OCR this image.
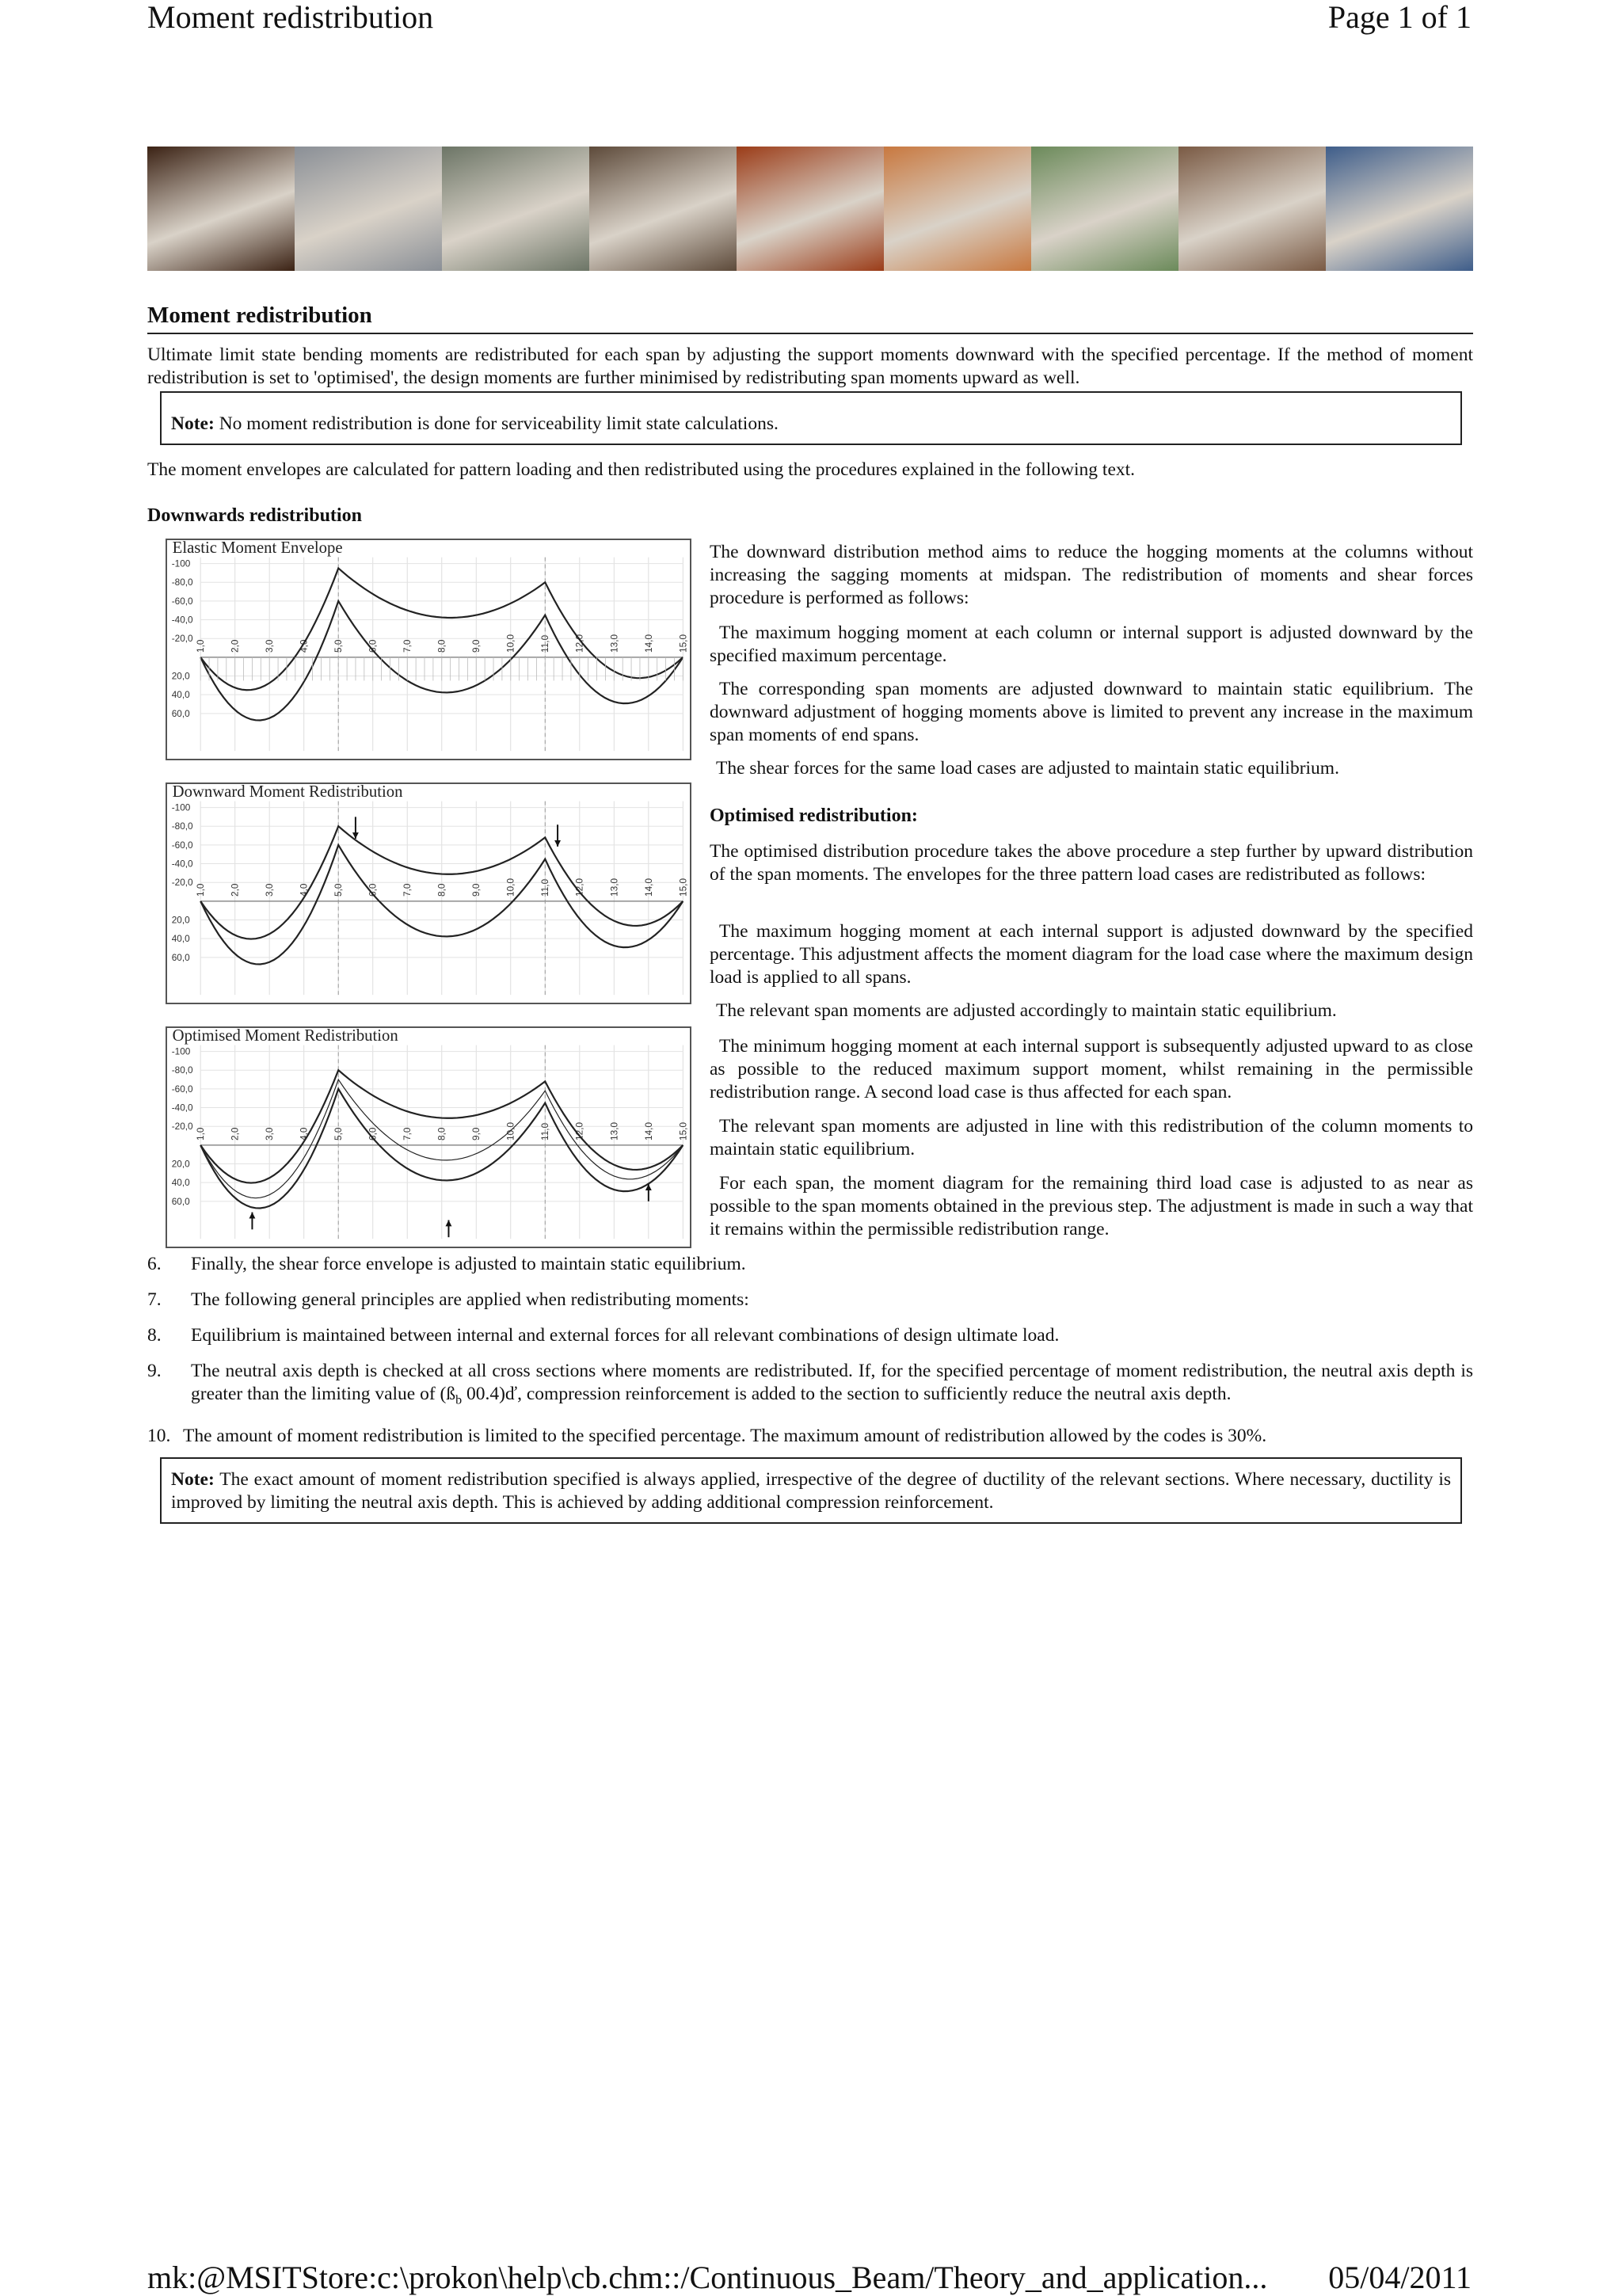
Moment redistribution	Page 1 of 1
Moment redistribution
Ultimate limit state bending moments are redistributed for each span by adjusting the support moments downward with the specified percentage. If the method of moment redistribution is set to 'optimised', the design moments are further minimised by redistributing span moments upward as well.
Note: No moment redistribution is done for serviceability limit state calculations.
The moment envelopes are calculated for pattern loading and then redistributed using the procedures explained in the following text.
Downwards redistribution
Elastic Moment Envelope
-100
-80,0
-60,0
-40,0
-20,0
20,0
40,0
60,0
1,0 2,0 3,0 4,0 5,0 6,0 7,0 8,0 9,0 10,0 11,0 12,0 13,0 14,0 15,0
Downward Moment Redistribution
-100
-80,0
-60,0
-40,0
-20,0
20,0
40,0
60,0
1,0 2,0 3,0 4,0 5,0 6,0 7,0 8,0 9,0 10,0 11,0 12,0 13,0 14,0 15,0
Optimised Moment Redistribution
-100
-80,0
-60,0
-40,0
-20,0
20,0
40,0
60,0
1,0 2,0 3,0 4,0 5,0 6,0 7,0 8,0 9,0 10,0 11,0 12,0 13,0 14,0 15,0
The downward distribution method aims to reduce the hogging moments at the columns without increasing the sagging moments at midspan. The redistribution of moments and shear forces procedure is performed as follows:
The maximum hogging moment at each column or internal support is adjusted downward by the specified maximum percentage.
The corresponding span moments are adjusted downward to maintain static equilibrium. The downward adjustment of hogging moments above is limited to prevent any increase in the maximum span moments of end spans.
The shear forces for the same load cases are adjusted to maintain static equilibrium.
Optimised redistribution:
The optimised distribution procedure takes the above procedure a step further by upward distribution of the span moments. The envelopes for the three pattern load cases are redistributed as follows:
The maximum hogging moment at each internal support is adjusted downward by the specified percentage. This adjustment affects the moment diagram for the load case where the maximum design load is applied to all spans.
The relevant span moments are adjusted accordingly to maintain static equilibrium.
The minimum hogging moment at each internal support is subsequently adjusted upward to as close as possible to the reduced maximum support moment, whilst remaining in the permissible redistribution range. A second load case is thus affected for each span.
The relevant span moments are adjusted in line with this redistribution of the column moments to maintain static equilibrium.
For each span, the moment diagram for the remaining third load case is adjusted to as near as possible to the span moments obtained in the previous step. The adjustment is made in such a way that it remains within the permissible redistribution range.
6. Finally, the shear force envelope is adjusted to maintain static equilibrium.
7. The following general principles are applied when redistributing moments:
8. Equilibrium is maintained between internal and external forces for all relevant combinations of design ultimate load.
9. The neutral axis depth is checked at all cross sections where moments are redistributed. If, for the specified percentage of moment redistribution, the neutral axis depth is greater than the limiting value of ($ß_b$ 00.4)ď, compression reinforcement is added to the section to sufficiently reduce the neutral axis depth.
10. The amount of moment redistribution is limited to the specified percentage. The maximum amount of redistribution allowed by the codes is 30%.
Note: The exact amount of moment redistribution specified is always applied, irrespective of the degree of ductility of the relevant sections. Where necessary, ductility is improved by limiting the neutral axis depth. This is achieved by adding additional compression reinforcement.
mk:@MSITStore:c:\prokon\help\cb.chm::/Continuous_Beam/Theory_and_application... 05/04/2011
